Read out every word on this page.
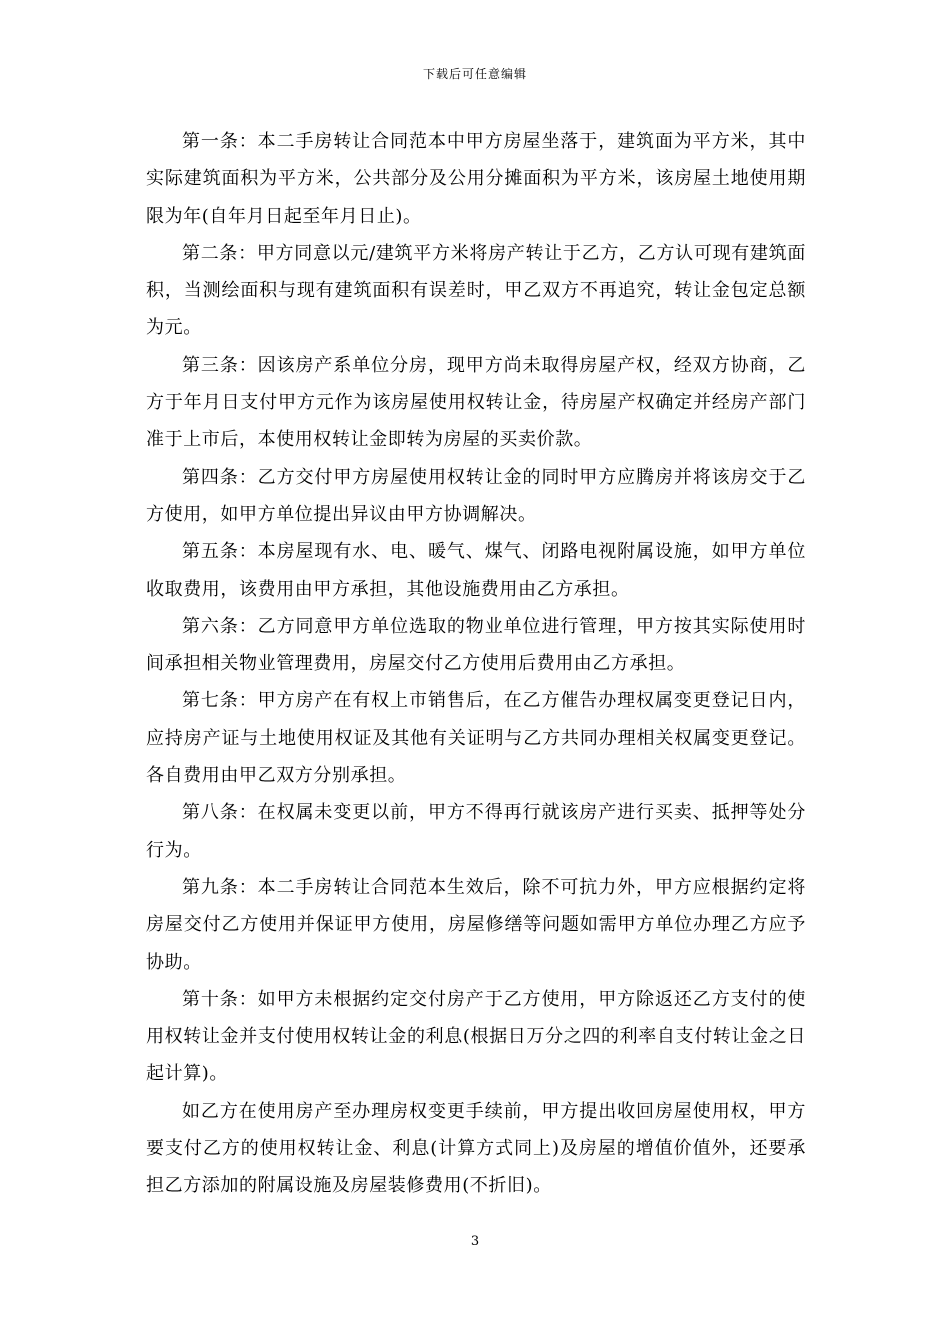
下载后可任意编辑

第一条：本二手房转让合同范本中甲方房屋坐落于，建筑面为平方米，其中实际建筑面积为平方米，公共部分及公用分摊面积为平方米，该房屋土地使用期限为年(自年月日起至年月日止)。

第二条：甲方同意以元/建筑平方米将房产转让于乙方，乙方认可现有建筑面积，当测绘面积与现有建筑面积有误差时，甲乙双方不再追究，转让金包定总额为元。

第三条：因该房产系单位分房，现甲方尚未取得房屋产权，经双方协商，乙方于年月日支付甲方元作为该房屋使用权转让金，待房屋产权确定并经房产部门准于上市后，本使用权转让金即转为房屋的买卖价款。

第四条：乙方交付甲方房屋使用权转让金的同时甲方应腾房并将该房交于乙方使用，如甲方单位提出异议由甲方协调解决。

第五条：本房屋现有水、电、暖气、煤气、闭路电视附属设施，如甲方单位收取费用，该费用由甲方承担，其他设施费用由乙方承担。

第六条：乙方同意甲方单位选取的物业单位进行管理，甲方按其实际使用时间承担相关物业管理费用，房屋交付乙方使用后费用由乙方承担。

第七条：甲方房产在有权上市销售后，在乙方催告办理权属变更登记日内，应持房产证与土地使用权证及其他有关证明与乙方共同办理相关权属变更登记。各自费用由甲乙双方分别承担。

第八条：在权属未变更以前，甲方不得再行就该房产进行买卖、抵押等处分行为。

第九条：本二手房转让合同范本生效后，除不可抗力外，甲方应根据约定将房屋交付乙方使用并保证甲方使用，房屋修缮等问题如需甲方单位办理乙方应予协助。

第十条：如甲方未根据约定交付房产于乙方使用，甲方除返还乙方支付的使用权转让金并支付使用权转让金的利息(根据日万分之四的利率自支付转让金之日起计算)。

如乙方在使用房产至办理房权变更手续前，甲方提出收回房屋使用权，甲方要支付乙方的使用权转让金、利息(计算方式同上)及房屋的增值价值外，还要承担乙方添加的附属设施及房屋装修费用(不折旧)。

3
